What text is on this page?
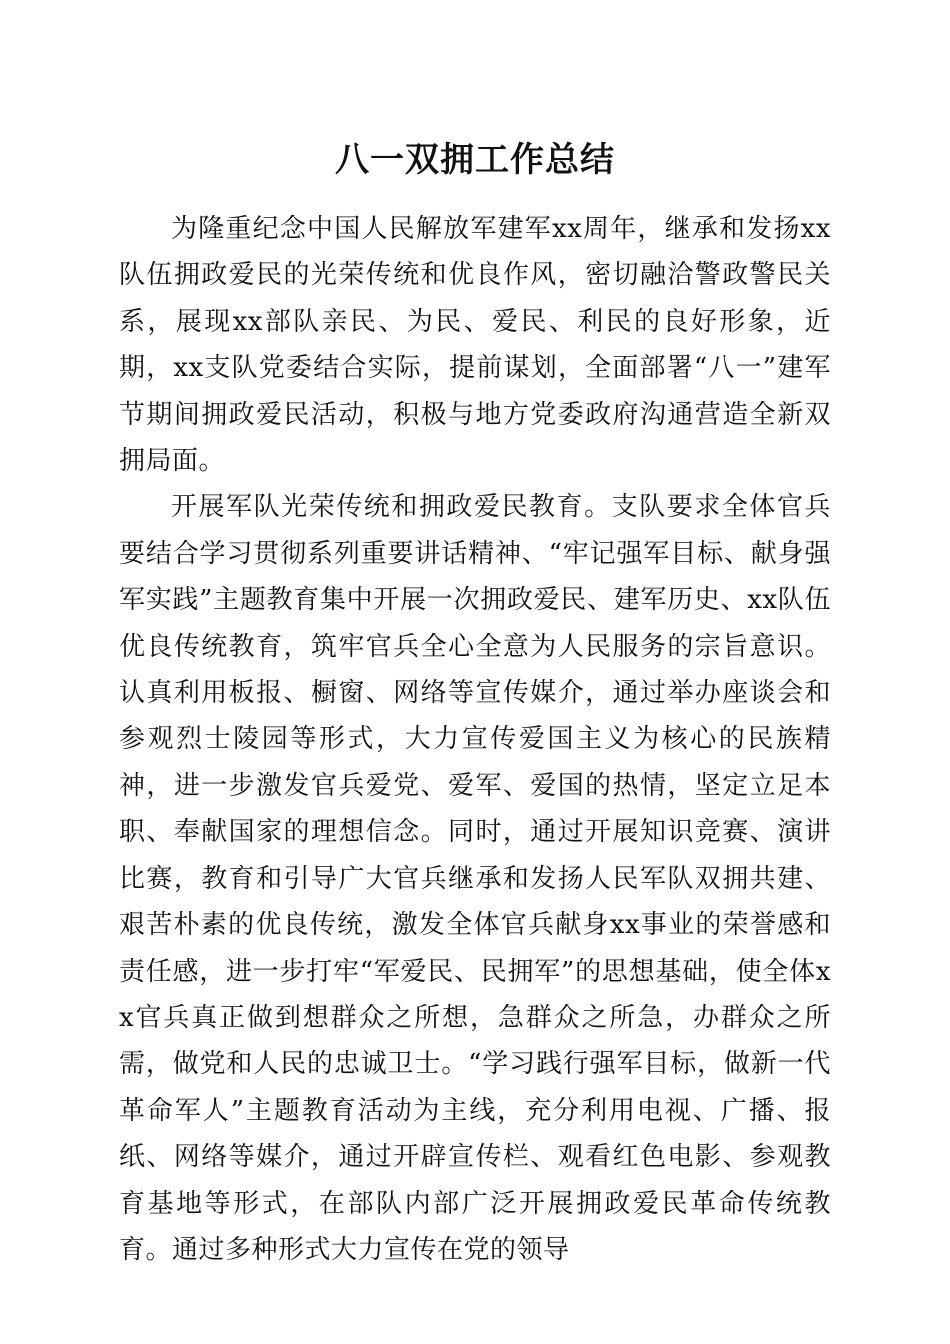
八一双拥工作总结

为隆重纪念中国人民解放军建军xx周年，继承和发扬xx队伍拥政爱民的光荣传统和优良作风，密切融洽警政警民关系，展现xx部队亲民、为民、爱民、利民的良好形象，近期，xx支队党委结合实际，提前谋划，全面部署“八一”建军节期间拥政爱民活动，积极与地方党委政府沟通营造全新双拥局面。

开展军队光荣传统和拥政爱民教育。支队要求全体官兵要结合学习贯彻系列重要讲话精神、“牢记强军目标、献身强军实践”主题教育集中开展一次拥政爱民、建军历史、xx队伍优良传统教育，筑牢官兵全心全意为人民服务的宗旨意识。认真利用板报、橱窗、网络等宣传媒介，通过举办座谈会和参观烈士陵园等形式，大力宣传爱国主义为核心的民族精神，进一步激发官兵爱党、爱军、爱国的热情，坚定立足本职、奉献国家的理想信念。同时，通过开展知识竞赛、演讲比赛，教育和引导广大官兵继承和发扬人民军队双拥共建、艰苦朴素的优良传统，激发全体官兵献身xx事业的荣誉感和责任感，进一步打牢“军爱民、民拥军”的思想基础，使全体xx官兵真正做到想群众之所想，急群众之所急，办群众之所需，做党和人民的忠诚卫士。“学习践行强军目标，做新一代革命军人”主题教育活动为主线，充分利用电视、广播、报纸、网络等媒介，通过开辟宣传栏、观看红色电影、参观教育基地等形式，在部队内部广泛开展拥政爱民革命传统教育。通过多种形式大力宣传在党的领导
